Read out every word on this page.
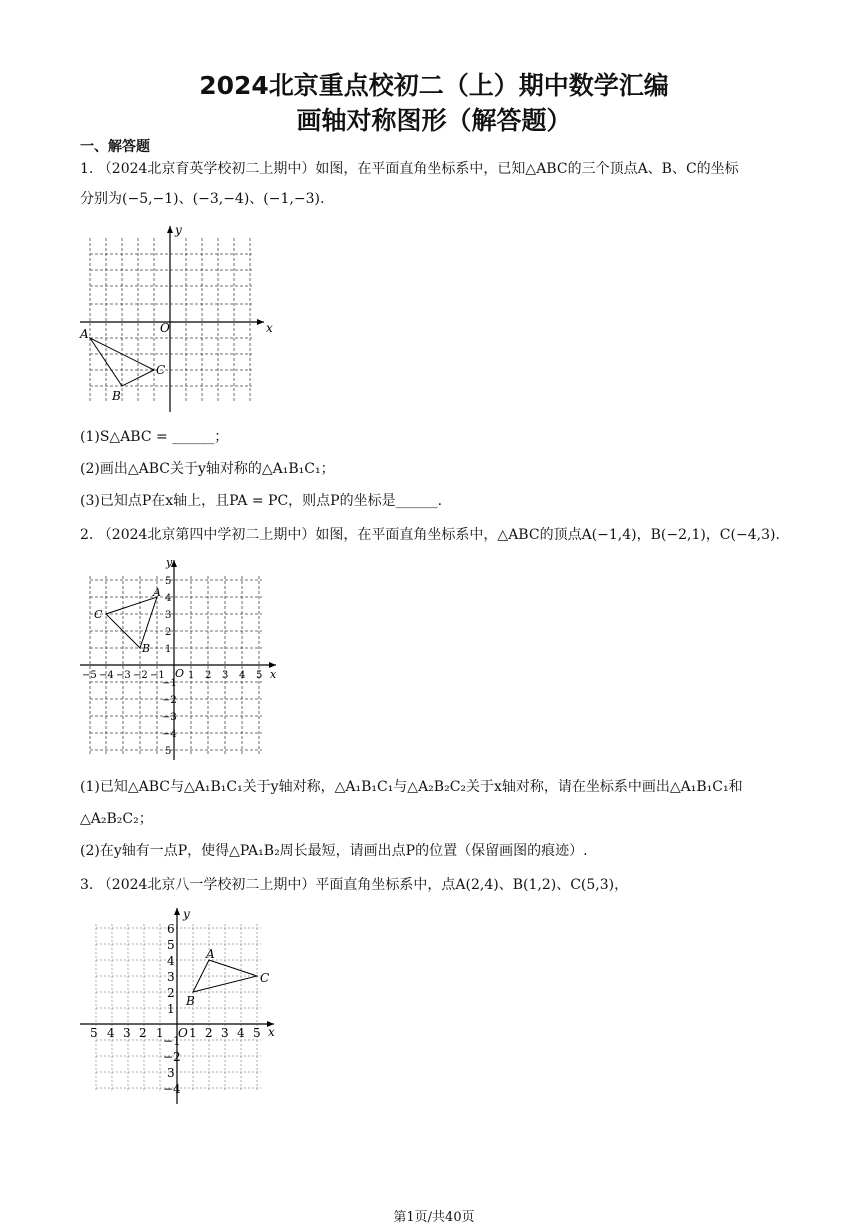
2024北京重点校初二（上）期中数学汇编
画轴对称图形（解答题）
一、解答题
1. （2024北京育英学校初二上期中）如图，在平面直角坐标系中，已知△ABC的三个顶点A、B、C的坐标
分别为(−5,−1)、(−3,−4)、(−1,−3).
x
y
O
A
B
C
(1)S△ABC = ______；
(2)画出△ABC关于y轴对称的△A₁B₁C₁；
(3)已知点P在x轴上，且PA = PC，则点P的坐标是______.
2. （2024北京第四中学初二上期中）如图，在平面直角坐标系中，△ABC的顶点A(−1,4)，B(−2,1)，C(−4,3).
−5 −4 −3 −2 −1 1 2 3 4 5
1
2
3
4
5
−1
−2
−3
−4
5
x
y
O
A
B
C
(1)已知△ABC与△A₁B₁C₁关于y轴对称，△A₁B₁C₁与△A₂B₂C₂关于x轴对称，请在坐标系中画出△A₁B₁C₁和
△A₂B₂C₂；
(2)在y轴有一点P，使得△PA₁B₂周长最短，请画出点P的位置（保留画图的痕迹）.
3. （2024北京八一学校初二上期中）平面直角坐标系中，点A(2,4)、B(1,2)、C(5,3)，
5 4 3 2 1 O 1 2 3 4 5
1
2
3
4
5
6
−1
−2
3
−4
x
y
A
B
C
第1页/共40页
